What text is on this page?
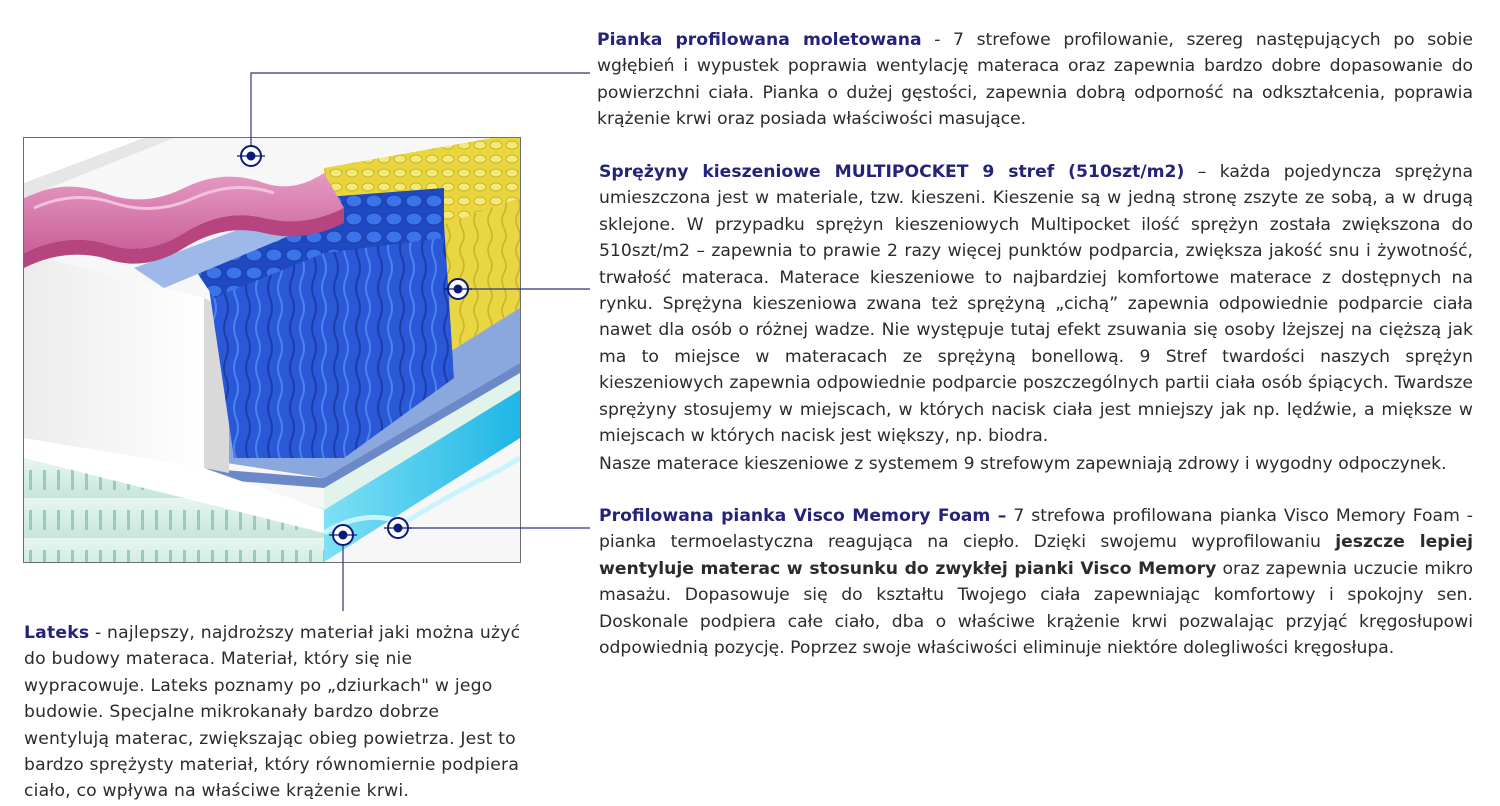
Pianka profilowana moletowana - 7 strefowe profilowanie, szereg następujących po sobie wgłębień i wypustek poprawia wentylację materaca oraz zapewnia bardzo dobre dopasowanie do powierzchni ciała. Pianka o dużej gęstości, zapewnia dobrą odporność na odkształcenia, poprawia krążenie krwi oraz posiada właściwości masujące.
Sprężyny kieszeniowe MULTIPOCKET 9 stref (510szt/m2) – każda pojedyncza sprężyna umieszczona jest w materiale, tzw. kieszeni. Kieszenie są w jedną stronę zszyte ze sobą, a w drugą sklejone. W przypadku sprężyn kieszeniowych Multipocket ilość sprężyn została zwiększona do 510szt/m2 – zapewnia to prawie 2 razy więcej punktów podparcia, zwiększa jakość snu i żywotność, trwałość materaca. Materace kieszeniowe to najbardziej komfortowe materace z dostępnych na rynku. Sprężyna kieszeniowa zwana też sprężyną „cichą” zapewnia odpowiednie podparcie ciała nawet dla osób o różnej wadze. Nie występuje tutaj efekt zsuwania się osoby lżejszej na cięższą jak ma to miejsce w materacach ze sprężyną bonellową. 9 Stref twardości naszych sprężyn kieszeniowych zapewnia odpowiednie podparcie poszczególnych partii ciała osób śpiących. Twardsze sprężyny stosujemy w miejscach, w których nacisk ciała jest mniejszy jak np. lędźwie, a miększe w miejscach w których nacisk jest większy, np. biodra.
Nasze materace kieszeniowe z systemem 9 strefowym zapewniają zdrowy i wygodny odpoczynek.
Profilowana pianka Visco Memory Foam – 7 strefowa profilowana pianka Visco Memory Foam - pianka termoelastyczna reagująca na ciepło. Dzięki swojemu wyprofilowaniu jeszcze lepiej wentyluje materac w stosunku do zwykłej pianki Visco Memory oraz zapewnia uczucie mikro masażu. Dopasowuje się do kształtu Twojego ciała zapewniając komfortowy i spokojny sen. Doskonale podpiera całe ciało, dba o właściwe krążenie krwi pozwalając przyjąć kręgosłupowi odpowiednią pozycję. Poprzez swoje właściwości eliminuje niektóre dolegliwości kręgosłupa.
Lateks - najlepszy, najdroższy materiał jaki można użyć do budowy materaca. Materiał, który się nie wypracowuje. Lateks poznamy po „dziurkach" w jego budowie. Specjalne mikrokanały bardzo dobrze wentylują materac, zwiększając obieg powietrza. Jest to bardzo sprężysty materiał, który równomiernie podpiera ciało, co wpływa na właściwe krążenie krwi.
